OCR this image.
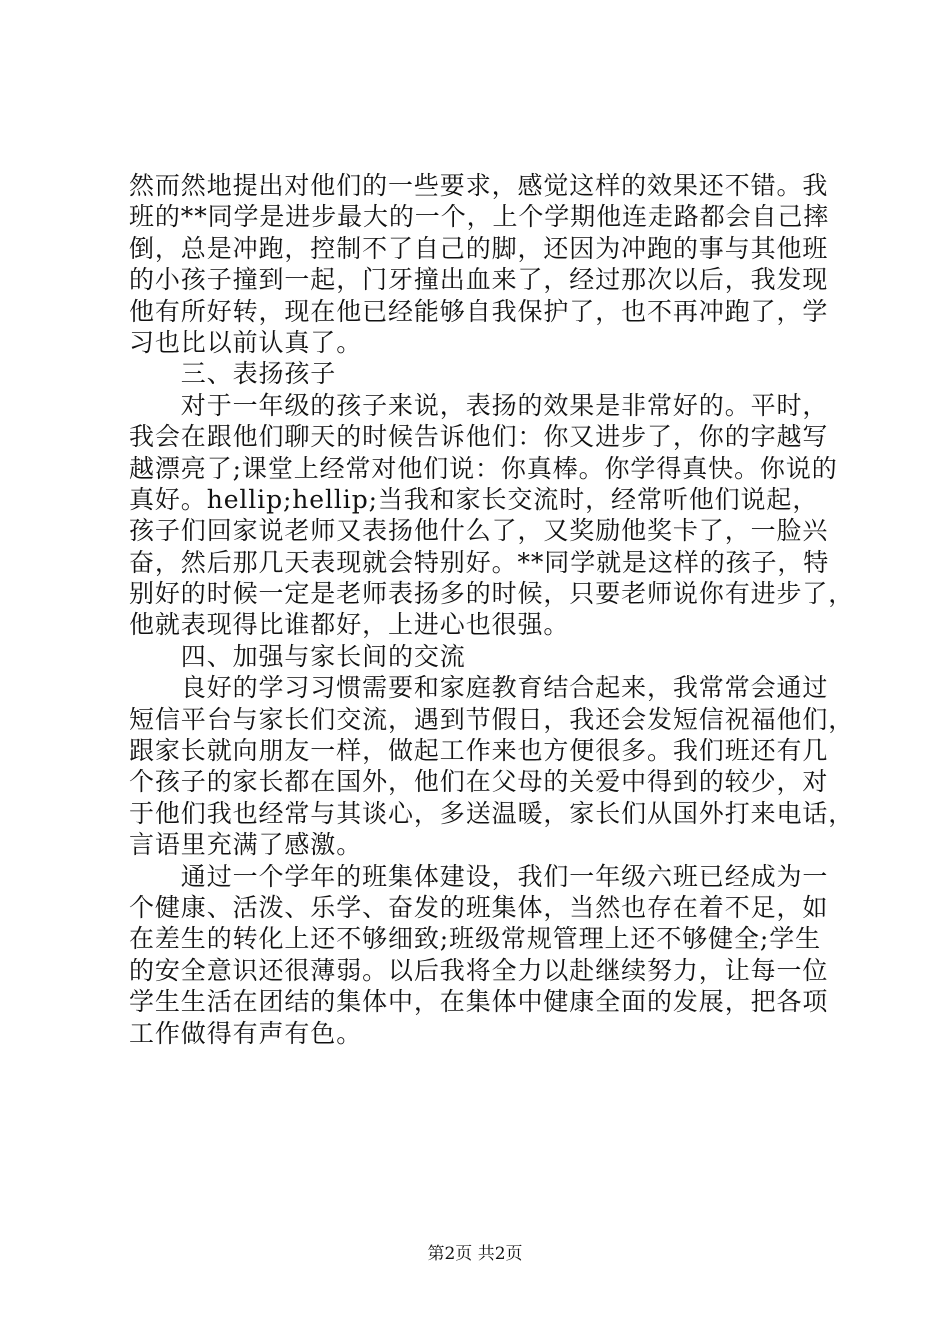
然而然地提出对他们的一些要求，感觉这样的效果还不错。我
班的**同学是进步最大的一个，上个学期他连走路都会自己摔
倒，总是冲跑，控制不了自己的脚，还因为冲跑的事与其他班
的小孩子撞到一起，门牙撞出血来了，经过那次以后，我发现
他有所好转，现在他已经能够自我保护了，也不再冲跑了，学
习也比以前认真了。
　　三、表扬孩子
　　对于一年级的孩子来说，表扬的效果是非常好的。平时，
我会在跟他们聊天的时候告诉他们：你又进步了，你的字越写
越漂亮了;课堂上经常对他们说：你真棒。你学得真快。你说的
真好。hellip;hellip;当我和家长交流时，经常听他们说起，
孩子们回家说老师又表扬他什么了，又奖励他奖卡了，一脸兴
奋，然后那几天表现就会特别好。**同学就是这样的孩子，特
别好的时候一定是老师表扬多的时候，只要老师说你有进步了，
他就表现得比谁都好，上进心也很强。
　　四、加强与家长间的交流
　　良好的学习习惯需要和家庭教育结合起来，我常常会通过
短信平台与家长们交流，遇到节假日，我还会发短信祝福他们，
跟家长就向朋友一样，做起工作来也方便很多。我们班还有几
个孩子的家长都在国外，他们在父母的关爱中得到的较少，对
于他们我也经常与其谈心，多送温暖，家长们从国外打来电话，
言语里充满了感激。
　　通过一个学年的班集体建设，我们一年级六班已经成为一
个健康、活泼、乐学、奋发的班集体，当然也存在着不足，如
在差生的转化上还不够细致;班级常规管理上还不够健全;学生
的安全意识还很薄弱。以后我将全力以赴继续努力，让每一位
学生生活在团结的集体中，在集体中健康全面的发展，把各项
工作做得有声有色。
第2页 共2页
